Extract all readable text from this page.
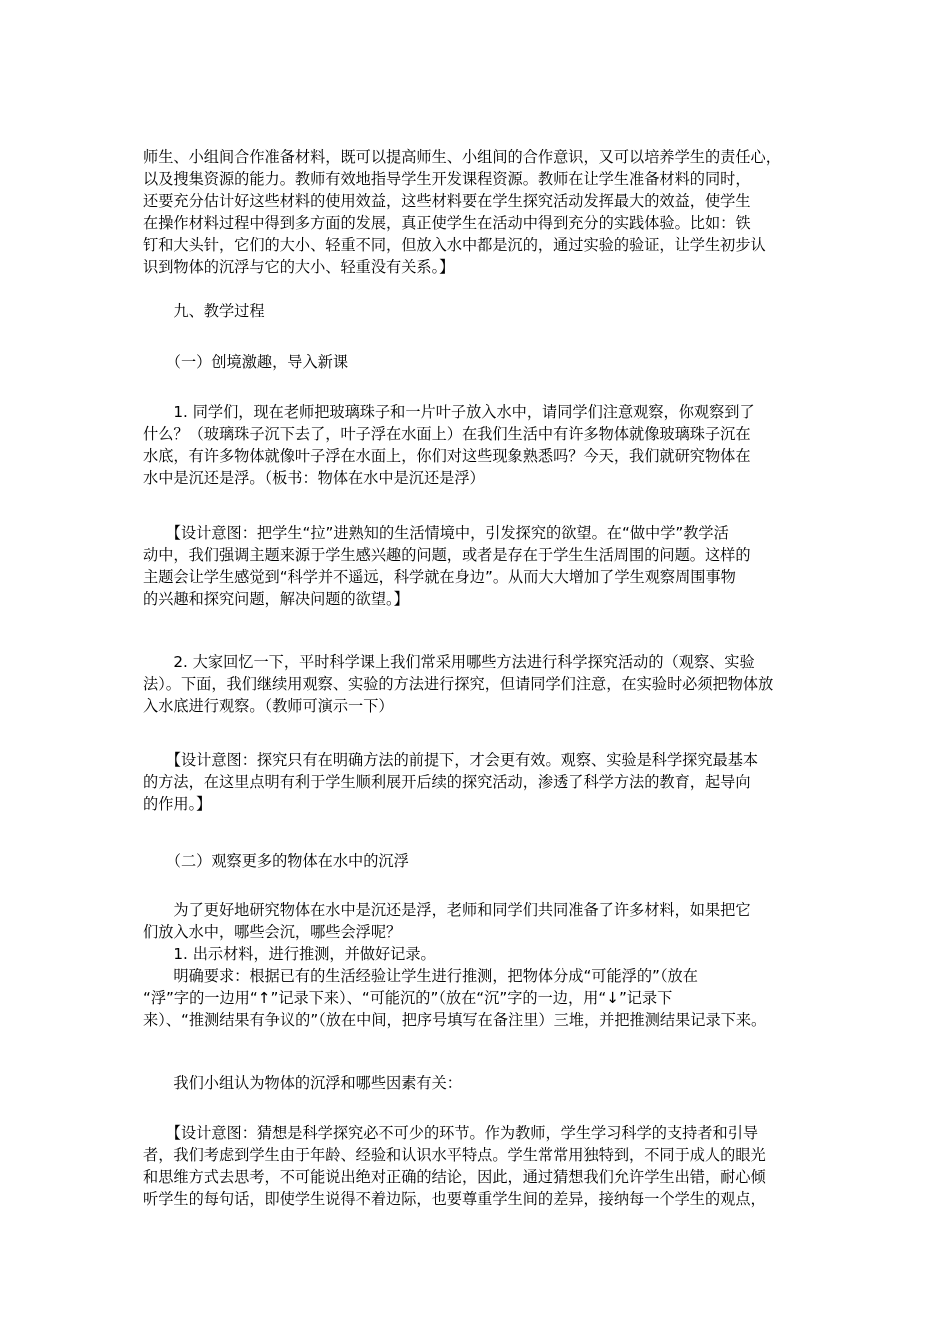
师生、小组间合作准备材料，既可以提高师生、小组间的合作意识，又可以培养学生的责任心，
以及搜集资源的能力。教师有效地指导学生开发课程资源。教师在让学生准备材料的同时，
还要充分估计好这些材料的使用效益，这些材料要在学生探究活动发挥最大的效益，使学生
在操作材料过程中得到多方面的发展，真正使学生在活动中得到充分的实践体验。比如：铁
钉和大头针，它们的大小、轻重不同，但放入水中都是沉的，通过实验的验证，让学生初步认
识到物体的沉浮与它的大小、轻重没有关系。】
　　九、教学过程
　　（一）创境激趣，导入新课
　　1. 同学们，现在老师把玻璃珠子和一片叶子放入水中，请同学们注意观察，你观察到了
什么？（玻璃珠子沉下去了，叶子浮在水面上）在我们生活中有许多物体就像玻璃珠子沉在
水底，有许多物体就像叶子浮在水面上，你们对这些现象熟悉吗？今天，我们就研究物体在
水中是沉还是浮。（板书：物体在水中是沉还是浮）
　　【设计意图：把学生“拉”进熟知的生活情境中，引发探究的欲望。在“做中学”教学活
动中，我们强调主题来源于学生感兴趣的问题，或者是存在于学生生活周围的问题。这样的
主题会让学生感觉到“科学并不遥远，科学就在身边”。从而大大增加了学生观察周围事物
的兴趣和探究问题，解决问题的欲望。】
　　2. 大家回忆一下，平时科学课上我们常采用哪些方法进行科学探究活动的（观察、实验
法）。下面，我们继续用观察、实验的方法进行探究，但请同学们注意，在实验时必须把物体放
入水底进行观察。（教师可演示一下）
　　【设计意图：探究只有在明确方法的前提下，才会更有效。观察、实验是科学探究最基本
的方法，在这里点明有利于学生顺利展开后续的探究活动，渗透了科学方法的教育，起导向
的作用。】
　　（二）观察更多的物体在水中的沉浮
　　为了更好地研究物体在水中是沉还是浮，老师和同学们共同准备了许多材料，如果把它
们放入水中，哪些会沉，哪些会浮呢？
　　1. 出示材料，进行推测，并做好记录。
　　明确要求：根据已有的生活经验让学生进行推测，把物体分成“可能浮的”（放在
“浮”字的一边用“↑”记录下来）、“可能沉的”（放在“沉”字的一边，用“↓”记录下
来）、“推测结果有争议的”（放在中间，把序号填写在备注里）三堆，并把推测结果记录下来。
　　我们小组认为物体的沉浮和哪些因素有关：
　　【设计意图：猜想是科学探究必不可少的环节。作为教师，学生学习科学的支持者和引导
者，我们考虑到学生由于年龄、经验和认识水平特点。学生常常用独特到，不同于成人的眼光
和思维方式去思考，不可能说出绝对正确的结论，因此，通过猜想我们允许学生出错，耐心倾
听学生的每句话，即使学生说得不着边际，也要尊重学生间的差异，接纳每一个学生的观点，
